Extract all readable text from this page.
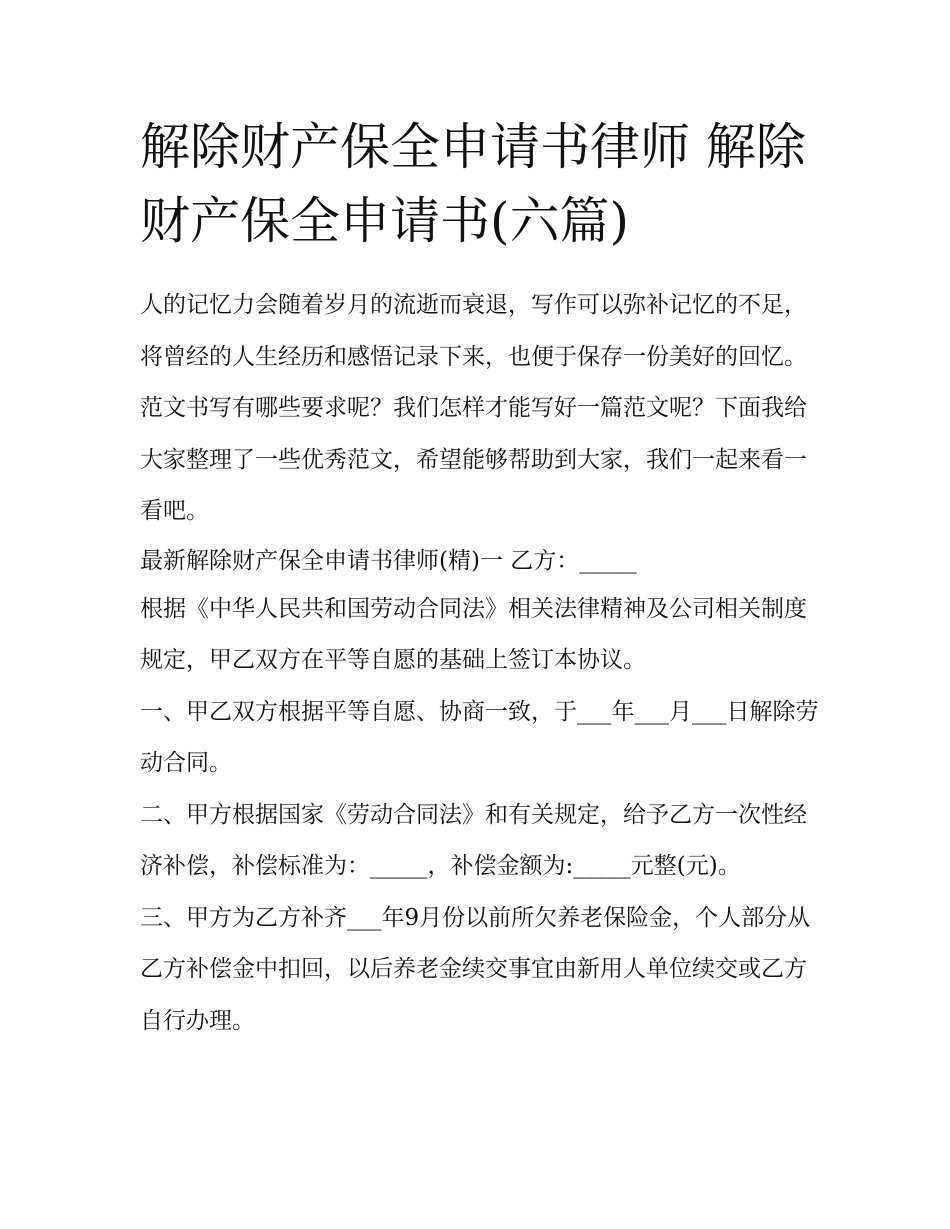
解除财产保全申请书律师 解除财产保全申请书(六篇)

人的记忆力会随着岁月的流逝而衰退，写作可以弥补记忆的不足，将曾经的人生经历和感悟记录下来，也便于保存一份美好的回忆。范文书写有哪些要求呢？我们怎样才能写好一篇范文呢？下面我给大家整理了一些优秀范文，希望能够帮助到大家，我们一起来看一看吧。

最新解除财产保全申请书律师(精)一 乙方：_____

根据《中华人民共和国劳动合同法》相关法律精神及公司相关制度规定，甲乙双方在平等自愿的基础上签订本协议。

一、甲乙双方根据平等自愿、协商一致，于___年___月___日解除劳动合同。

二、甲方根据国家《劳动合同法》和有关规定，给予乙方一次性经济补偿，补偿标准为：_____，补偿金额为:_____元整(元)。

三、甲方为乙方补齐___年9月份以前所欠养老保险金，个人部分从乙方补偿金中扣回，以后养老金续交事宜由新用人单位续交或乙方自行办理。
